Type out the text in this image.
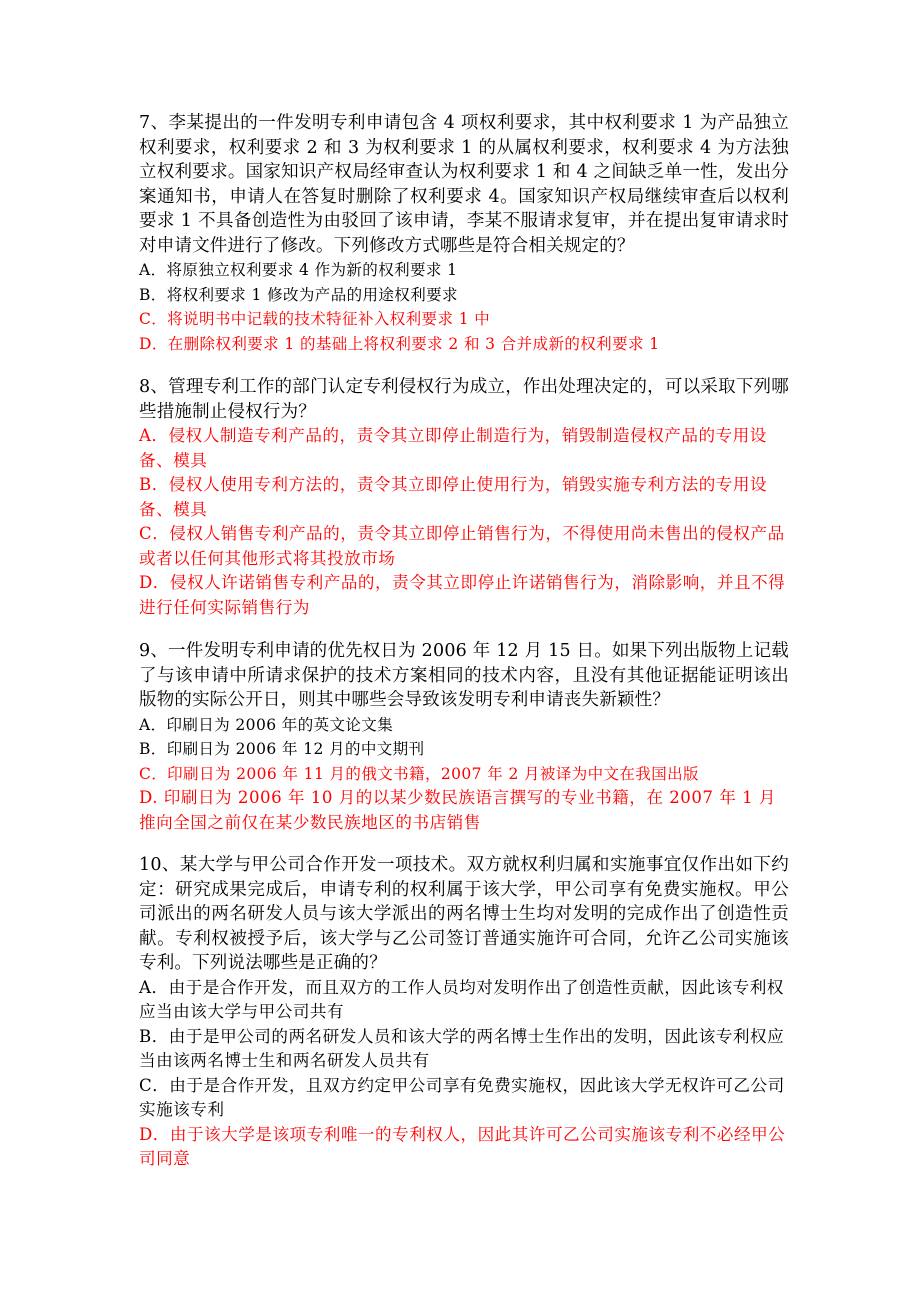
7、李某提出的一件发明专利申请包含 4 项权利要求，其中权利要求 1 为产品独立权利要求，权利要求 2 和 3 为权利要求 1 的从属权利要求，权利要求 4 为方法独立权利要求。国家知识产权局经审查认为权利要求 1 和 4 之间缺乏单一性，发出分案通知书，申请人在答复时删除了权利要求 4。国家知识产权局继续审查后以权利要求 1 不具备创造性为由驳回了该申请，李某不服请求复审，并在提出复审请求时对申请文件进行了修改。下列修改方式哪些是符合相关规定的？

A．将原独立权利要求 4 作为新的权利要求 1

B．将权利要求 1 修改为产品的用途权利要求

C．将说明书中记载的技术特征补入权利要求 1 中

D．在删除权利要求 1 的基础上将权利要求 2 和 3 合并成新的权利要求 1

8、管理专利工作的部门认定专利侵权行为成立，作出处理决定的，可以采取下列哪些措施制止侵权行为？

A．侵权人制造专利产品的，责令其立即停止制造行为，销毁制造侵权产品的专用设备、模具

B．侵权人使用专利方法的，责令其立即停止使用行为，销毁实施专利方法的专用设备、模具

C．侵权人销售专利产品的，责令其立即停止销售行为，不得使用尚未售出的侵权产品或者以任何其他形式将其投放市场

D．侵权人许诺销售专利产品的，责令其立即停止许诺销售行为，消除影响，并且不得进行任何实际销售行为

9、一件发明专利申请的优先权日为 2006 年 12 月 15 日。如果下列出版物上记载了与该申请中所请求保护的技术方案相同的技术内容，且没有其他证据能证明该出版物的实际公开日，则其中哪些会导致该发明专利申请丧失新颖性？

A．印刷日为 2006 年的英文论文集

B．印刷日为 2006 年 12 月的中文期刊

C．印刷日为 2006 年 11 月的俄文书籍，2007 年 2 月被译为中文在我国出版

D. 印刷日为 2006 年 10 月的以某少数民族语言撰写的专业书籍，在 2007 年 1 月推向全国之前仅在某少数民族地区的书店销售

10、某大学与甲公司合作开发一项技术。双方就权利归属和实施事宜仅作出如下约定：研究成果完成后，申请专利的权利属于该大学，甲公司享有免费实施权。甲公司派出的两名研发人员与该大学派出的两名博士生均对发明的完成作出了创造性贡献。专利权被授予后，该大学与乙公司签订普通实施许可合同，允许乙公司实施该专利。下列说法哪些是正确的？

A．由于是合作开发，而且双方的工作人员均对发明作出了创造性贡献，因此该专利权应当由该大学与甲公司共有

B．由于是甲公司的两名研发人员和该大学的两名博士生作出的发明，因此该专利权应当由该两名博士生和两名研发人员共有

C．由于是合作开发，且双方约定甲公司享有免费实施权，因此该大学无权许可乙公司实施该专利

D．由于该大学是该项专利唯一的专利权人，因此其许可乙公司实施该专利不必经甲公司同意
